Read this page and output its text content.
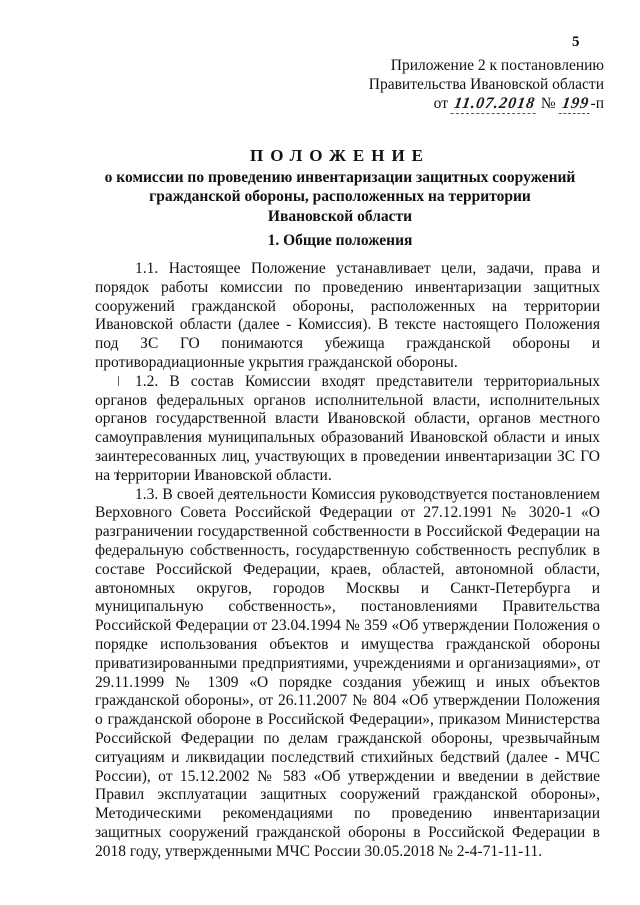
5
Приложение 2 к постановлению
Правительства Ивановской области
от 11.07.2018 № 199-п
ПОЛОЖЕНИЕ
о комиссии по проведению инвентаризации защитных сооружений
гражданской обороны, расположенных на территории
Ивановской области
1. Общие положения

1.1. Настоящее Положение устанавливает цели, задачи, права и порядок работы комиссии по проведению инвентаризации защитных сооружений гражданской обороны, расположенных на территории Ивановской области (далее - Комиссия). В тексте настоящего Положения под ЗС ГО понимаются убежища гражданской обороны и противорадиационные укрытия гражданской обороны.

1.2. В состав Комиссии входят представители территориальных органов федеральных органов исполнительной власти, исполнительных органов государственной власти Ивановской области, органов местного самоуправления муниципальных образований Ивановской области и иных заинтересованных лиц, участвующих в проведении инвентаризации ЗС ГО на территории Ивановской области.

1.3. В своей деятельности Комиссия руководствуется постановлением Верховного Совета Российской Федерации от 27.12.1991 № 3020-1 «О разграничении государственной собственности в Российской Федерации на федеральную собственность, государственную собственность республик в составе Российской Федерации, краев, областей, автономной области, автономных округов, городов Москвы и Санкт-Петербурга и муниципальную собственность», постановлениями Правительства Российской Федерации от 23.04.1994 № 359 «Об утверждении Положения о порядке использования объектов и имущества гражданской обороны приватизированными предприятиями, учреждениями и организациями», от 29.11.1999 № 1309 «О порядке создания убежищ и иных объектов гражданской обороны», от 26.11.2007 № 804 «Об утверждении Положения о гражданской обороне в Российской Федерации», приказом Министерства Российской Федерации по делам гражданской обороны, чрезвычайным ситуациям и ликвидации последствий стихийных бедствий (далее - МЧС России), от 15.12.2002 № 583 «Об утверждении и введении в действие Правил эксплуатации защитных сооружений гражданской обороны», Методическими рекомендациями по проведению инвентаризации защитных сооружений гражданской обороны в Российской Федерации в 2018 году, утвержденными МЧС России 30.05.2018 № 2-4-71-11-11.
